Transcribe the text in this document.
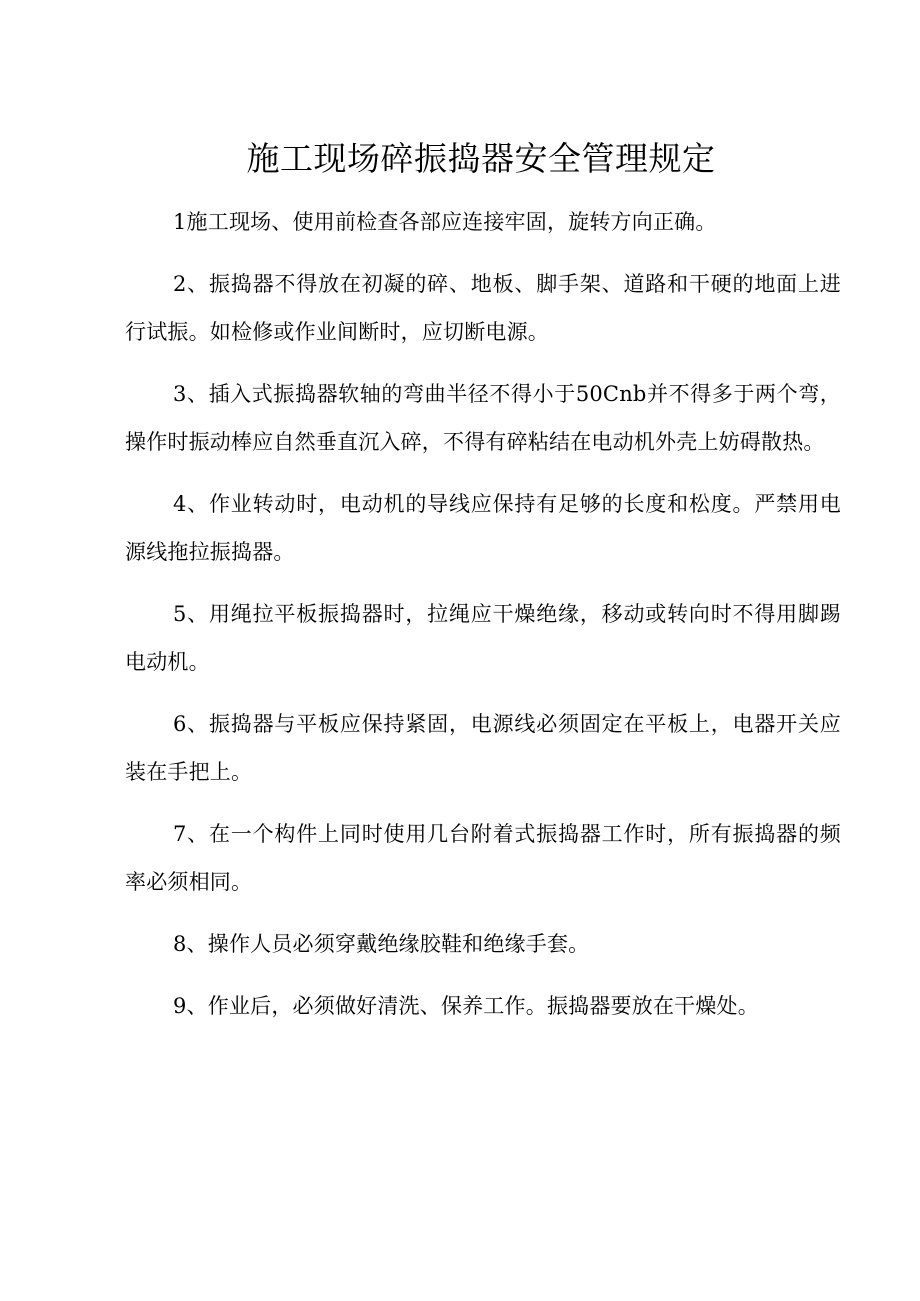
施工现场碎振捣器安全管理规定

1施工现场、使用前检查各部应连接牢固，旋转方向正确。

2、振捣器不得放在初凝的碎、地板、脚手架、道路和干硬的地面上进行试振。如检修或作业间断时，应切断电源。

3、插入式振捣器软轴的弯曲半径不得小于50Cnb并不得多于两个弯，操作时振动棒应自然垂直沉入碎，不得有碎粘结在电动机外壳上妨碍散热。

4、作业转动时，电动机的导线应保持有足够的长度和松度。严禁用电源线拖拉振捣器。

5、用绳拉平板振捣器时，拉绳应干燥绝缘，移动或转向时不得用脚踢电动机。

6、振捣器与平板应保持紧固，电源线必须固定在平板上，电器开关应装在手把上。

7、在一个构件上同时使用几台附着式振捣器工作时，所有振捣器的频率必须相同。

8、操作人员必须穿戴绝缘胶鞋和绝缘手套。

9、作业后，必须做好清洗、保养工作。振捣器要放在干燥处。
